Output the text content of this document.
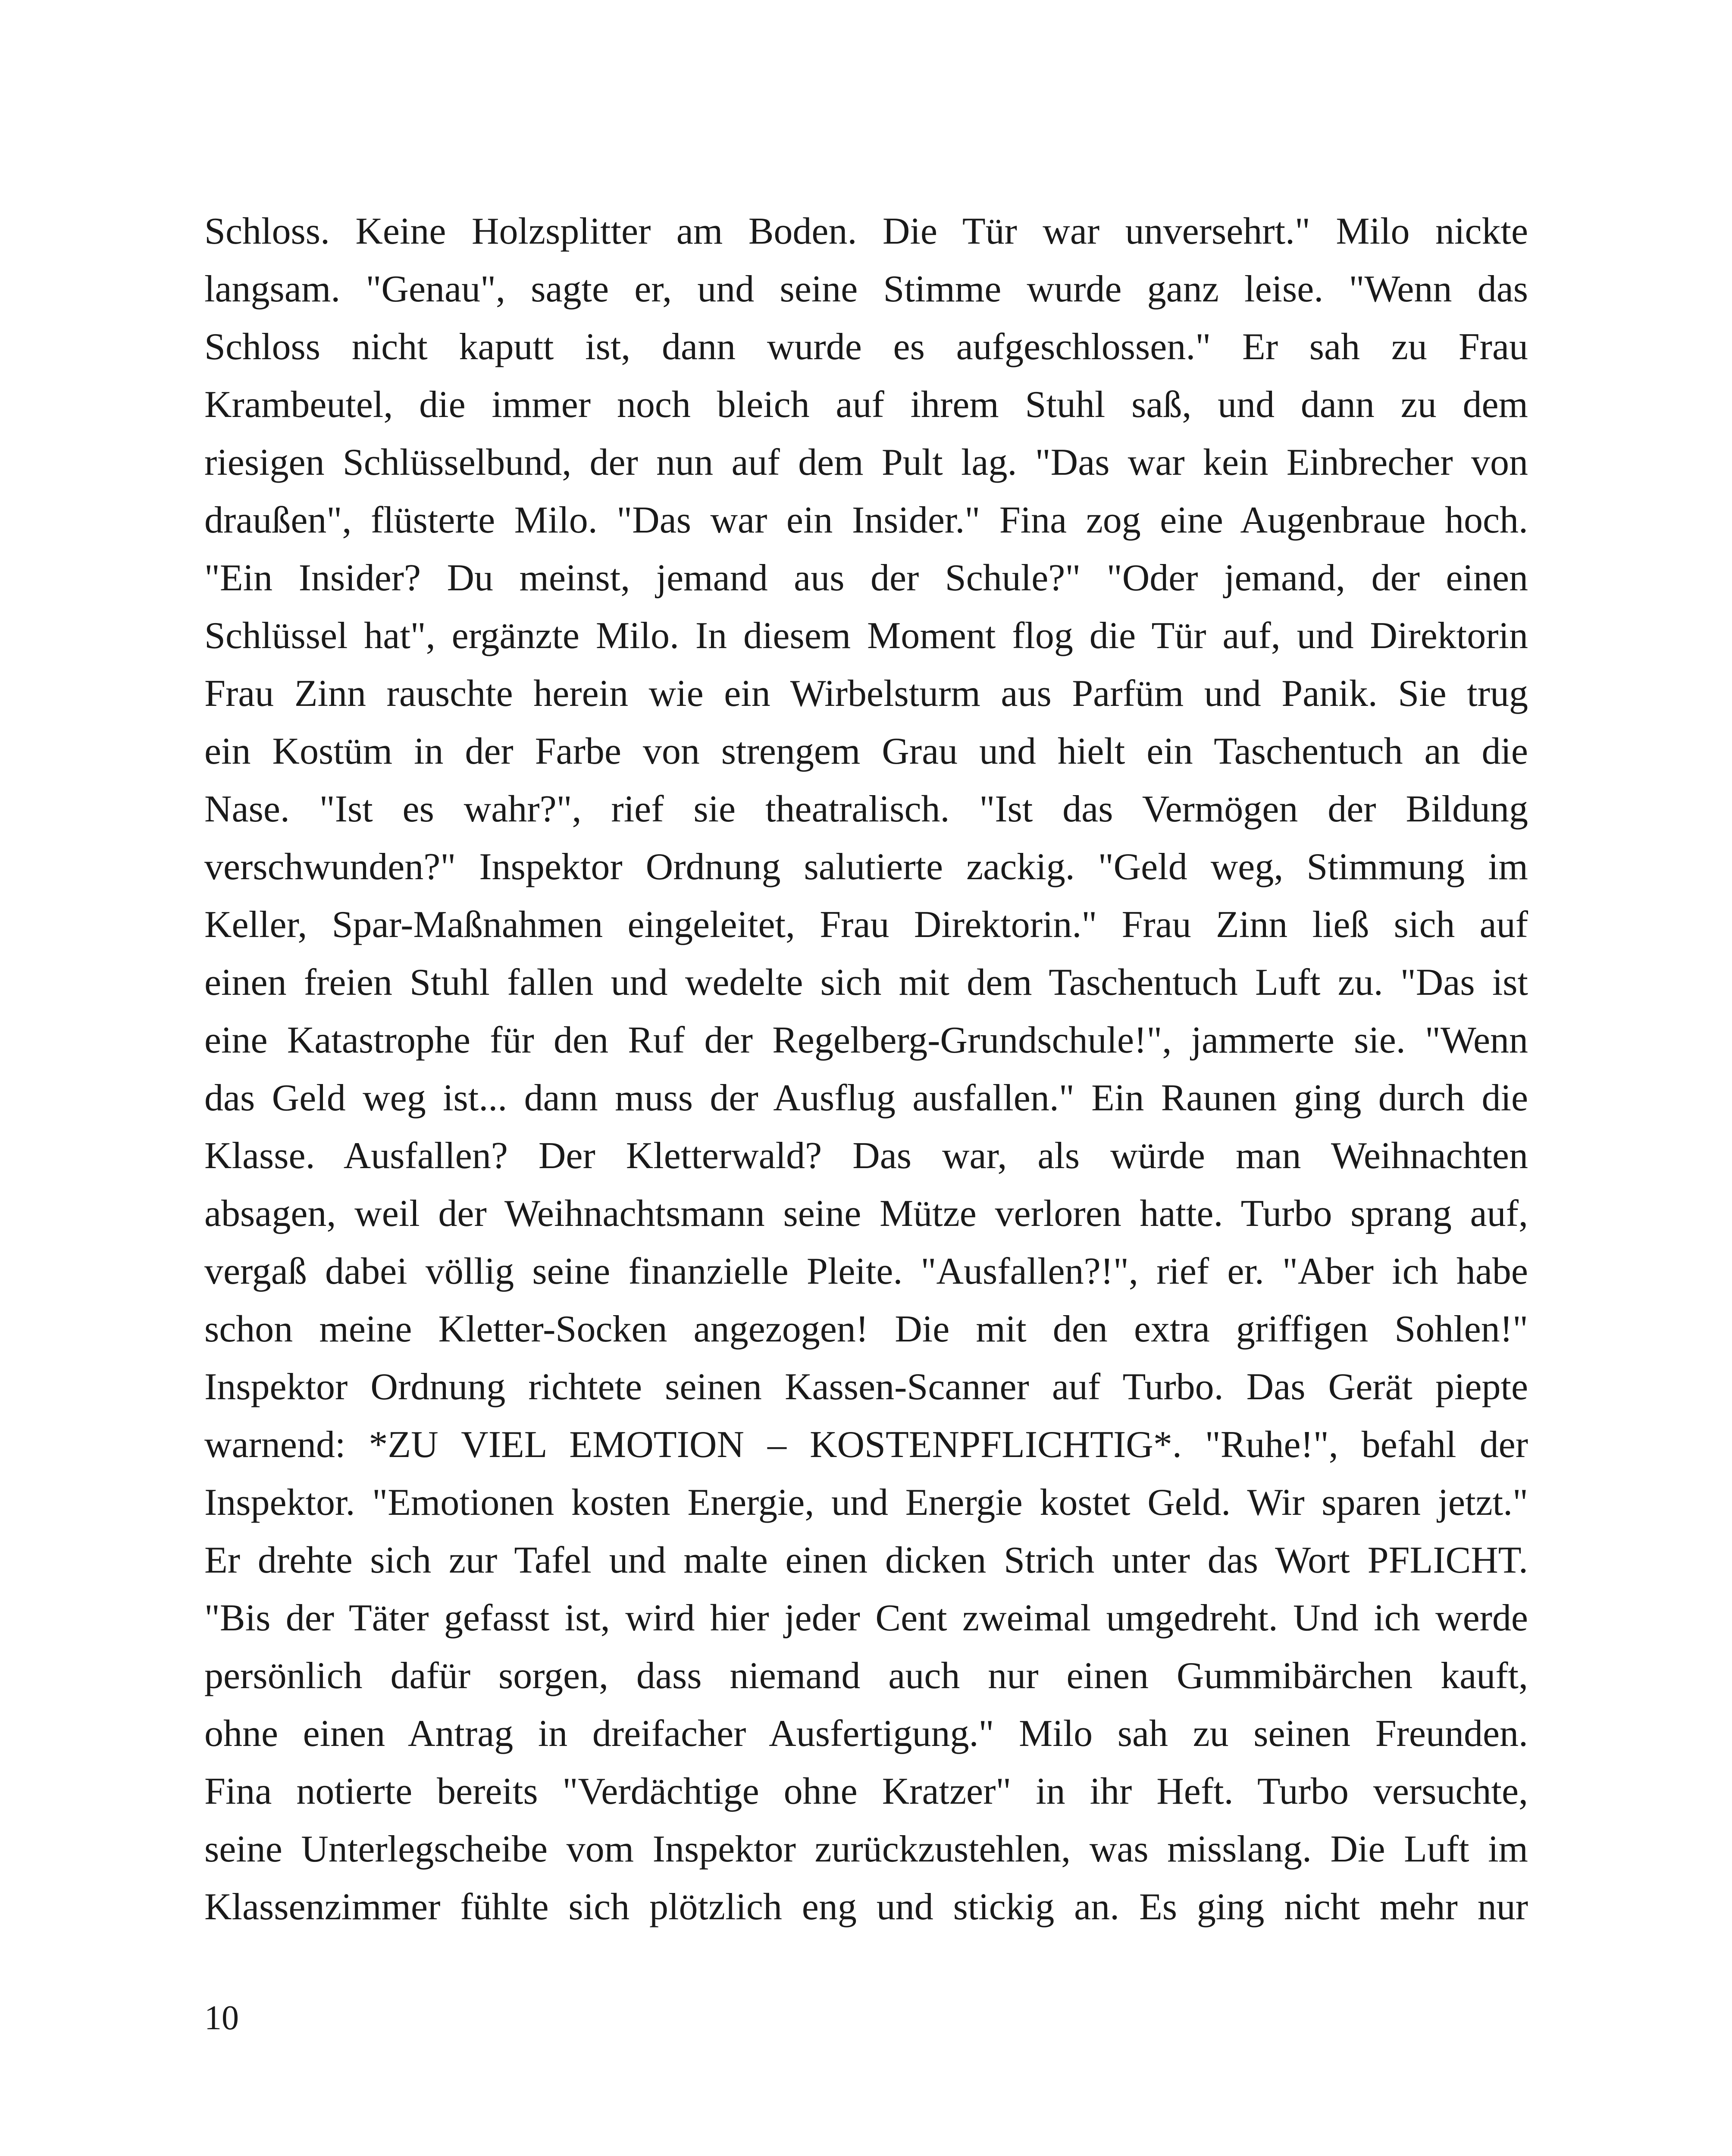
Schloss. Keine Holzsplitter am Boden. Die Tür war unversehrt." Milo nickte
langsam. "Genau", sagte er, und seine Stimme wurde ganz leise. "Wenn das
Schloss nicht kaputt ist, dann wurde es aufgeschlossen." Er sah zu Frau
Krambeutel, die immer noch bleich auf ihrem Stuhl saß, und dann zu dem
riesigen Schlüsselbund, der nun auf dem Pult lag. "Das war kein Einbrecher von
draußen", flüsterte Milo. "Das war ein Insider." Fina zog eine Augenbraue hoch.
"Ein Insider? Du meinst, jemand aus der Schule?" "Oder jemand, der einen
Schlüssel hat", ergänzte Milo. In diesem Moment flog die Tür auf, und Direktorin
Frau Zinn rauschte herein wie ein Wirbelsturm aus Parfüm und Panik. Sie trug
ein Kostüm in der Farbe von strengem Grau und hielt ein Taschentuch an die
Nase. "Ist es wahr?", rief sie theatralisch. "Ist das Vermögen der Bildung
verschwunden?" Inspektor Ordnung salutierte zackig. "Geld weg, Stimmung im
Keller, Spar-Maßnahmen eingeleitet, Frau Direktorin." Frau Zinn ließ sich auf
einen freien Stuhl fallen und wedelte sich mit dem Taschentuch Luft zu. "Das ist
eine Katastrophe für den Ruf der Regelberg-Grundschule!", jammerte sie. "Wenn
das Geld weg ist... dann muss der Ausflug ausfallen." Ein Raunen ging durch die
Klasse. Ausfallen? Der Kletterwald? Das war, als würde man Weihnachten
absagen, weil der Weihnachtsmann seine Mütze verloren hatte. Turbo sprang auf,
vergaß dabei völlig seine finanzielle Pleite. "Ausfallen?!", rief er. "Aber ich habe
schon meine Kletter-Socken angezogen! Die mit den extra griffigen Sohlen!"
Inspektor Ordnung richtete seinen Kassen-Scanner auf Turbo. Das Gerät piepte
warnend: *ZU VIEL EMOTION – KOSTENPFLICHTIG*. "Ruhe!", befahl der
Inspektor. "Emotionen kosten Energie, und Energie kostet Geld. Wir sparen jetzt."
Er drehte sich zur Tafel und malte einen dicken Strich unter das Wort PFLICHT.
"Bis der Täter gefasst ist, wird hier jeder Cent zweimal umgedreht. Und ich werde
persönlich dafür sorgen, dass niemand auch nur einen Gummibärchen kauft,
ohne einen Antrag in dreifacher Ausfertigung." Milo sah zu seinen Freunden.
Fina notierte bereits "Verdächtige ohne Kratzer" in ihr Heft. Turbo versuchte,
seine Unterlegscheibe vom Inspektor zurückzustehlen, was misslang. Die Luft im
Klassenzimmer fühlte sich plötzlich eng und stickig an. Es ging nicht mehr nur
10
